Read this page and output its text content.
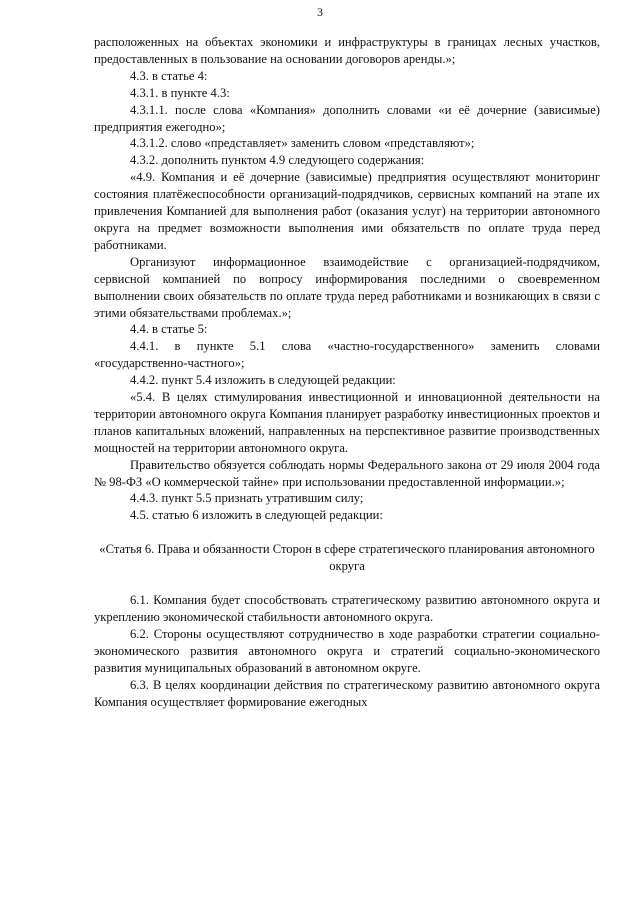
3

расположенных на объектах экономики и инфраструктуры в границах лесных участков, предоставленных в пользование на основании договоров аренды.»;

4.3. в статье 4:

4.3.1. в пункте 4.3:

4.3.1.1. после слова «Компания» дополнить словами «и её дочерние (зависимые) предприятия ежегодно»;

4.3.1.2. слово «представляет» заменить словом «представляют»;

4.3.2. дополнить пунктом 4.9 следующего содержания:

«4.9. Компания и её дочерние (зависимые) предприятия осуществляют мониторинг состояния платёжеспособности организаций-подрядчиков, сервисных компаний на этапе их привлечения Компанией для выполнения работ (оказания услуг) на территории автономного округа на предмет возможности выполнения ими обязательств по оплате труда перед работниками.

Организуют информационное взаимодействие с организацией-подрядчиком, сервисной компанией по вопросу информирования последними о своевременном выполнении своих обязательств по оплате труда перед работниками и возникающих в связи с этими обязательствами проблемах.»;

4.4. в статье 5:

4.4.1. в пункте 5.1 слова «частно-государственного» заменить словами «государственно-частного»;

4.4.2. пункт 5.4 изложить в следующей редакции:

«5.4. В целях стимулирования инвестиционной и инновационной деятельности на территории автономного округа Компания планирует разработку инвестиционных проектов и планов капитальных вложений, направленных на перспективное развитие производственных мощностей на территории автономного округа.

Правительство обязуется соблюдать нормы Федерального закона от 29 июля 2004 года № 98-ФЗ «О коммерческой тайне» при использовании предоставленной информации.»;

4.4.3. пункт 5.5 признать утратившим силу;

4.5. статью 6 изложить в следующей редакции:

«Статья 6. Права и обязанности Сторон в сфере стратегического планирования автономного округа

6.1. Компания будет способствовать стратегическому развитию автономного округа и укреплению экономической стабильности автономного округа.

6.2. Стороны осуществляют сотрудничество в ходе разработки стратегии социально-экономического развития автономного округа и стратегий социально-экономического развития муниципальных образований в автономном округе.

6.3. В целях координации действия по стратегическому развитию автономного округа Компания осуществляет формирование ежегодных
